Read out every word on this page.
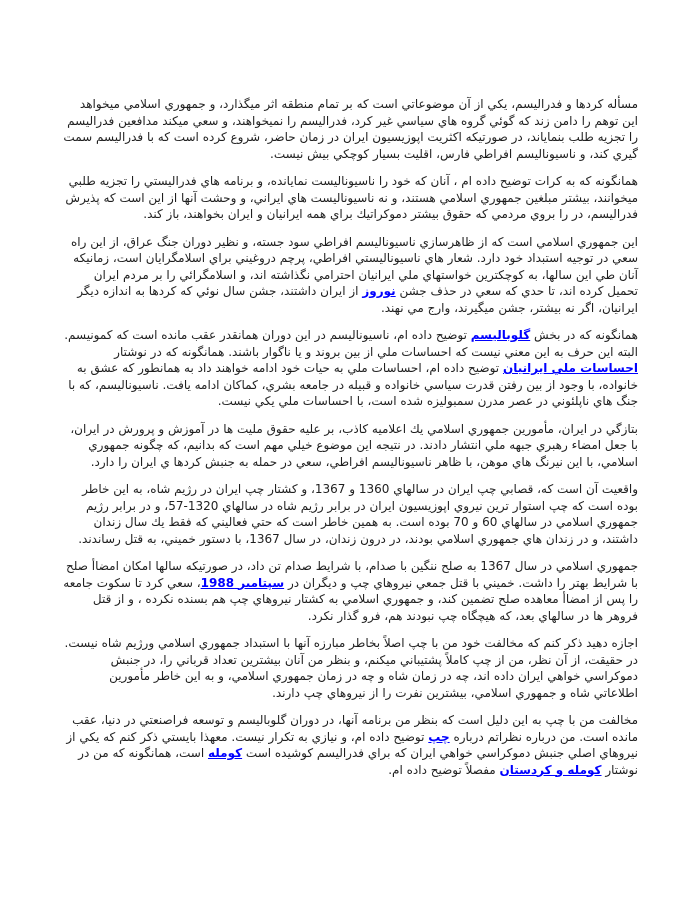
مسأله كردها و فدراليسم، يكي از آن موضوعاتي است كه بر تمام منطقه اثر ميگذارد، و جمهوري اسلامي ميخواهد اين توهم را دامن زند كه گوئي گروه هاي سياسي غير كرد، فدراليسم را نميخواهند، و سعي ميكند مدافعين فدراليسم را تجزيه طلب بنماياند، در صورتيكه اكثريت اپوزيسيون ايران در زمان حاضر، شروع كرده است كه با فدراليسم سمت گيري كند، و ناسيوناليسم افراطي فارس، اقليت بسيار كوچكي بيش نيست.

همانگونه كه به كرات توضيح داده ام ، آنان كه خود را ناسيوناليست نمايانده، و برنامه هاي فدراليستي را تجزيه طلبي ميخوانند، بيشتر مبلغين جمهوري اسلامي هستند، و نه ناسيوناليست هاي ايراني، و وحشت آنها از اين است كه پذيرش فدراليسم، در را بروي مردمي كه حقوق بيشتر دموكراتيك براي همه ايرانيان و ايران بخواهند، باز كند.

اين جمهوري اسلامي است كه از ظاهرسازي ناسيوناليسم افراطي سود جسته، و نظير دوران جنگ عراق، از اين راه سعي در توجيه استبداد خود دارد. شعار هاي ناسيوناليستي افراطي، پرچم دروغيني براي اسلامگرايان است، زمانيكه آنان طي اين سالها، به كوچكترين خواستهاي ملي ايرانيان احترامي نگذاشته اند، و اسلامگرائي را بر مردم ايران تحميل كرده اند، تا حدي كه سعي در حذف جشن نوروز از ايران داشتند، جشن سال نوئي كه كردها به اندازه ديگر ايرانيان، اگر نه بيشتر، جشن ميگيرند، وارج مي نهند.

همانگونه كه در بخش گلوباليسم توضيح داده ام، ناسيوناليسم در اين دوران همانقدر عقب مانده است كه كمونيسم. البته اين حرف به اين معني نيست كه احساسات ملي از بين بروند و يا ناگوار باشند. همانگونه كه در نوشتار احساسات ملي ايرانيان توضيح داده ام، احساسات ملي به حيات خود ادامه خواهند داد به همانطور كه عشق به خانواده، با وجود از بين رفتن قدرت سياسي خانواده و قبيله در جامعه بشري، كماكان ادامه يافت. ناسيوناليسم، كه با جنگ هاي ناپلئوني در عصر مدرن سمبوليزه شده است، با احساسات ملي يكي نيست.

بتازگي در ايران، مأمورين جمهوري اسلامي يك اعلاميه كاذب، بر عليه حقوق مليت ها در آموزش و پرورش در ايران، با جعل امضاء رهبري جبهه ملي انتشار دادند. در نتيجه اين موضوع خيلي مهم است كه بدانيم، كه چگونه جمهوري اسلامي، با اين نيرنگ هاي موهن، با ظاهر ناسيوناليسم افراطي، سعي در حمله به جنبش كردها ي ايران را دارد.

واقعيت آن است كه، قصابي چپ ايران در سالهاي 1360 و 1367، و كشتار چپ ايران در رژيم شاه، به اين خاطر بوده است كه چپ استوار ترين نيروي اپوزيسيون ايران در برابر رژيم شاه در سالهاي 1320-57، و در برابر رژيم جمهوري اسلامي در سالهاي 60 و 70 بوده است. به همين خاطر است كه حتي فعاليني كه فقط يك سال زندان داشتند، و در زندان هاي جمهوري اسلامي بودند، در درون زندان، در سال 1367، با دستور خميني، به قتل رساندند.

جمهوري اسلامي در سال 1367 به صلح ننگين با صدام، با شرايط صدام تن داد، در صورتيكه سالها امكان امضاأ صلح با شرايط بهتر را داشت. خميني با قتل جمعي نيروهاي چپ و ديگران در سپتامبر 1988، سعي كرد تا سكوت جامعه را پس از امضاأ معاهده صلح تضمين كند، و جمهوري اسلامي به كشتار نيروهاي چپ هم بسنده نكرده ، و از قتل فروهر ها در سالهاي بعد، كه هيچگاه چپ نبودند هم، فرو گذار نكرد.

اجازه دهيد ذكر كنم كه مخالفت خود من با چپ اصلاً بخاطر مبارزه آنها با استبداد جمهوري اسلامي ورژيم شاه نيست. در حقيقت، از آن نظر، من از چپ كاملاً پشتيباني ميكنم، و بنظر من آنان بيشترين تعداد قرباني را، در جنبش دموكراسي خواهي ايران داده اند، چه در زمان شاه و چه در زمان جمهوري اسلامي، و به اين خاطر مأمورين اطلاعاتي شاه و جمهوري اسلامي، بيشترين نفرت را از نيروهاي چپ دارند.

مخالفت من با چپ به اين دليل است كه بنظر من برنامه آنها، در دوران گلوباليسم و توسعه فراصنعتي در دنيا، عقب مانده است. من درباره نظراتم درباره چپ توضيح داده ام، و نيازي به تكرار نيست. معهذا بايستي ذكر كنم كه يكي از نيروهاي اصلي جنبش دموكراسي خواهي ايران كه براي فدراليسم كوشيده است كومله است، همانگونه كه من در نوشتار كومله و كردستان مفصلاً توضيح داده ام.
